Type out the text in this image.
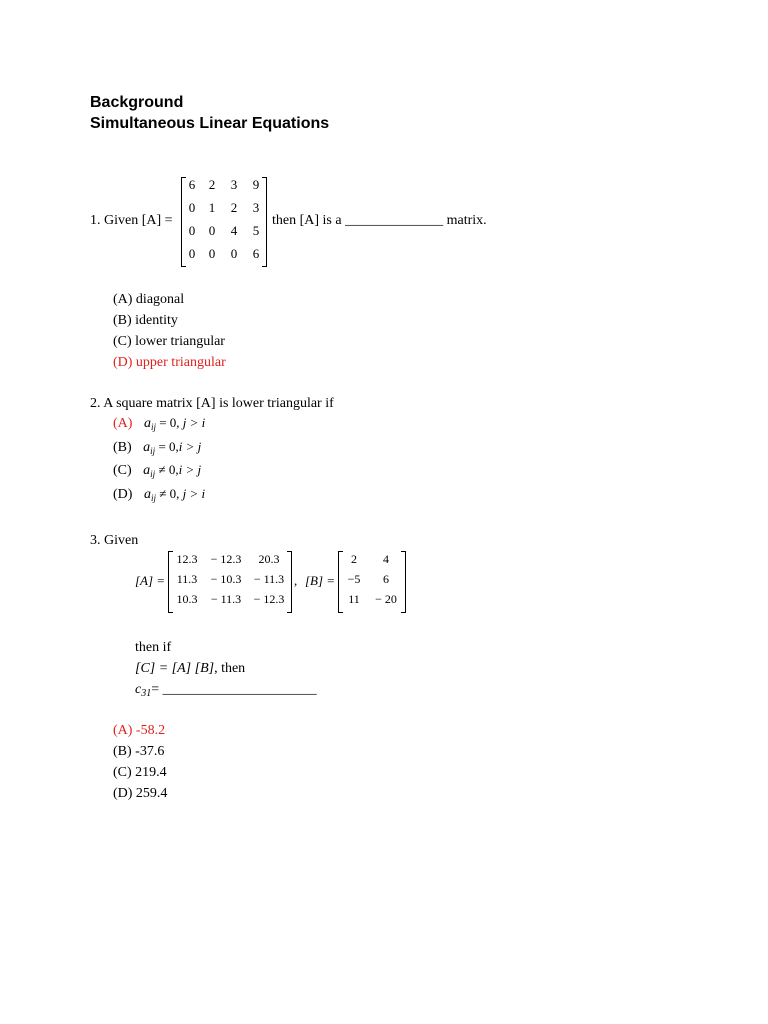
Background
Simultaneous Linear Equations
1. Given [A] =
6 2 3 9
0 1 2 3
0 0 4 5
0 0 0 6
then [A] is a ______________ matrix.
(A) diagonal
(B) identity
(C) lower triangular
(D) upper triangular
2. A square matrix [A] is lower triangular if
(A) $a_{ij} = 0$, j > i
(B) $a_{ij} = 0,i > j$
(C) $a_{ij} \ne 0,i > j$
(D) $a_{ij} \ne 0$, j > i
3. Given
[A] =
12.3	− 12.3	20.3
11.3	− 10.3	− 11.3
10.3	− 11.3	− 12.3
, [B] =
2	4
−5	6
11	− 20
then if
[C] = [A] [B], then
$c_{31}=$ ______________________
(A) -58.2
(B) -37.6
(C) 219.4
(D) 259.4
